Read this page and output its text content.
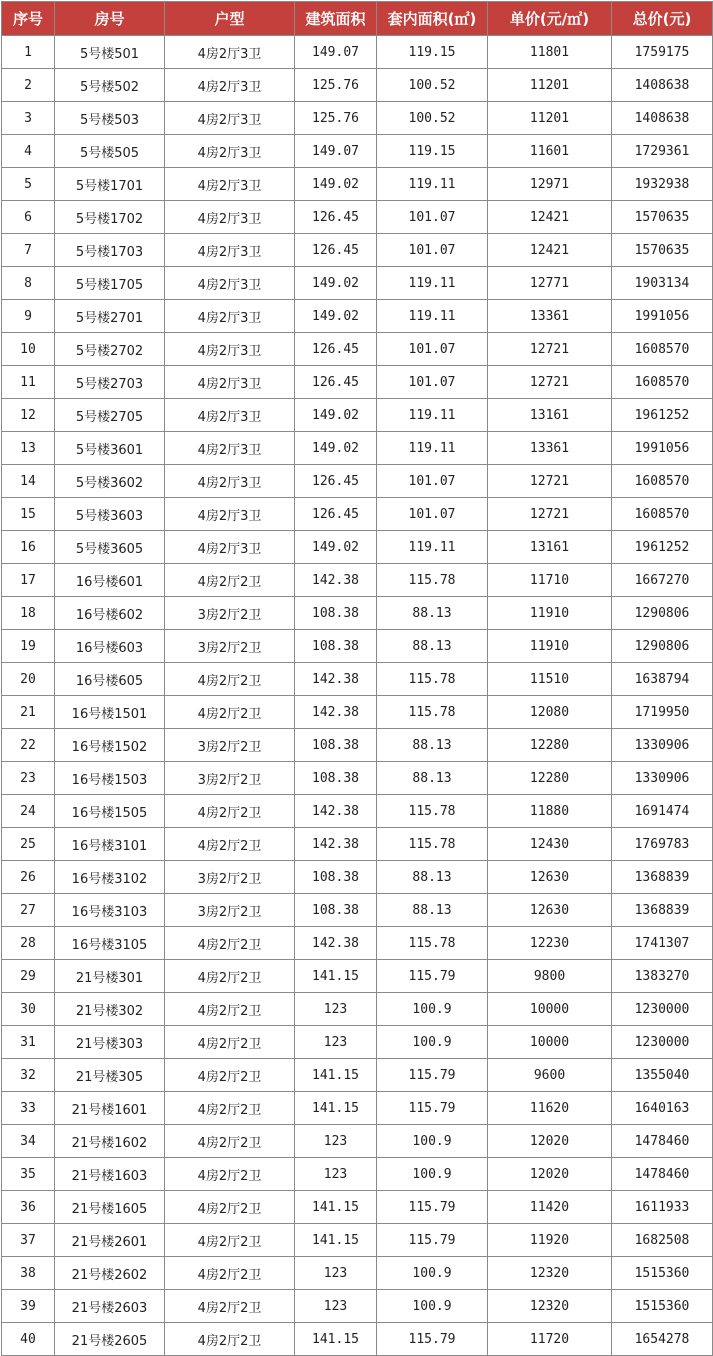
序号	房号	户型	建筑面积	套内面积(㎡)	单价(元/㎡)	总价(元)
1	5号楼501	4房2厅3卫	149.07	119.15	11801	1759175
2	5号楼502	4房2厅3卫	125.76	100.52	11201	1408638
3	5号楼503	4房2厅3卫	125.76	100.52	11201	1408638
4	5号楼505	4房2厅3卫	149.07	119.15	11601	1729361
5	5号楼1701	4房2厅3卫	149.02	119.11	12971	1932938
6	5号楼1702	4房2厅3卫	126.45	101.07	12421	1570635
7	5号楼1703	4房2厅3卫	126.45	101.07	12421	1570635
8	5号楼1705	4房2厅3卫	149.02	119.11	12771	1903134
9	5号楼2701	4房2厅3卫	149.02	119.11	13361	1991056
10	5号楼2702	4房2厅3卫	126.45	101.07	12721	1608570
11	5号楼2703	4房2厅3卫	126.45	101.07	12721	1608570
12	5号楼2705	4房2厅3卫	149.02	119.11	13161	1961252
13	5号楼3601	4房2厅3卫	149.02	119.11	13361	1991056
14	5号楼3602	4房2厅3卫	126.45	101.07	12721	1608570
15	5号楼3603	4房2厅3卫	126.45	101.07	12721	1608570
16	5号楼3605	4房2厅3卫	149.02	119.11	13161	1961252
17	16号楼601	4房2厅2卫	142.38	115.78	11710	1667270
18	16号楼602	3房2厅2卫	108.38	88.13	11910	1290806
19	16号楼603	3房2厅2卫	108.38	88.13	11910	1290806
20	16号楼605	4房2厅2卫	142.38	115.78	11510	1638794
21	16号楼1501	4房2厅2卫	142.38	115.78	12080	1719950
22	16号楼1502	3房2厅2卫	108.38	88.13	12280	1330906
23	16号楼1503	3房2厅2卫	108.38	88.13	12280	1330906
24	16号楼1505	4房2厅2卫	142.38	115.78	11880	1691474
25	16号楼3101	4房2厅2卫	142.38	115.78	12430	1769783
26	16号楼3102	3房2厅2卫	108.38	88.13	12630	1368839
27	16号楼3103	3房2厅2卫	108.38	88.13	12630	1368839
28	16号楼3105	4房2厅2卫	142.38	115.78	12230	1741307
29	21号楼301	4房2厅2卫	141.15	115.79	9800	1383270
30	21号楼302	4房2厅2卫	123	100.9	10000	1230000
31	21号楼303	4房2厅2卫	123	100.9	10000	1230000
32	21号楼305	4房2厅2卫	141.15	115.79	9600	1355040
33	21号楼1601	4房2厅2卫	141.15	115.79	11620	1640163
34	21号楼1602	4房2厅2卫	123	100.9	12020	1478460
35	21号楼1603	4房2厅2卫	123	100.9	12020	1478460
36	21号楼1605	4房2厅2卫	141.15	115.79	11420	1611933
37	21号楼2601	4房2厅2卫	141.15	115.79	11920	1682508
38	21号楼2602	4房2厅2卫	123	100.9	12320	1515360
39	21号楼2603	4房2厅2卫	123	100.9	12320	1515360
40	21号楼2605	4房2厅2卫	141.15	115.79	11720	1654278
